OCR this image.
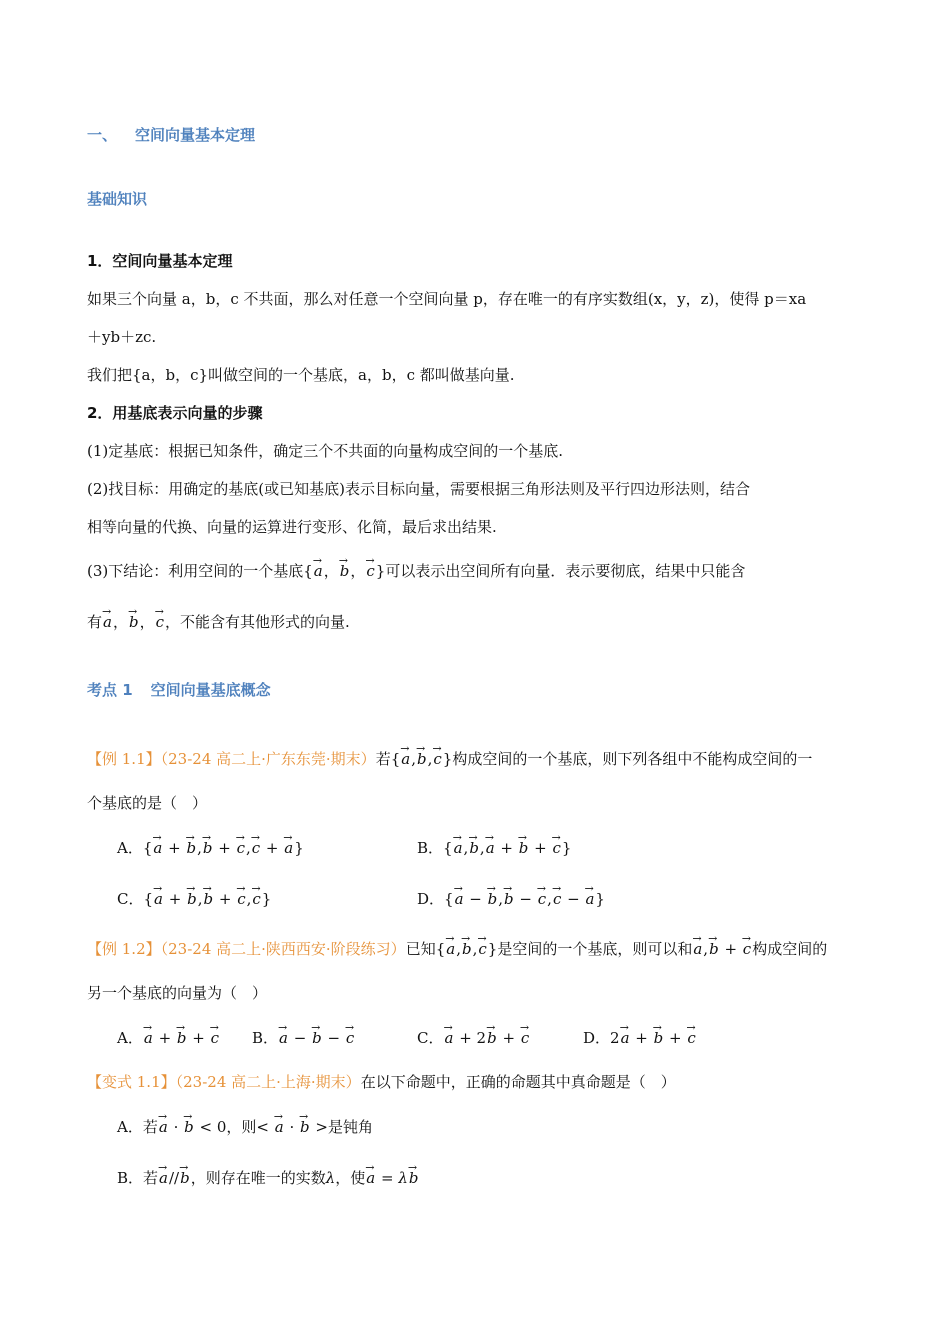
一、 空间向量基本定理
基础知识
1．空间向量基本定理
如果三个向量 a，b，c 不共面，那么对任意一个空间向量 p，存在唯一的有序实数组(x，y，z)，使得 p＝xa
＋yb＋zc.
我们把{a，b，c}叫做空间的一个基底，a，b，c 都叫做基向量.
2．用基底表示向量的步骤
(1)定基底：根据已知条件，确定三个不共面的向量构成空间的一个基底.
(2)找目标：用确定的基底(或已知基底)表示目标向量，需要根据三角形法则及平行四边形法则，结合
相等向量的代换、向量的运算进行变形、化简，最后求出结果.
(3)下结论：利用空间的一个基底{→ a，→ b，→ c}可以表示出空间所有向量．表示要彻底，结果中只能含
有→ a，→ b，→ c，不能含有其他形式的向量.
考点 1 空间向量基底概念
【例 1.1】（23-24 高二上·广东东莞·期末）若{→ a,→ b,→ c}构成空间的一个基底，则下列各组中不能构成空间的一
个基底的是（　）
A．{→ a + → b,→ b + → c,→ c + → a}	B．{→ a,→ b,→ a + → b + → c}
C．{→ a + → b,→ b + → c,→ c}	D．{→ a − → b,→ b − → c,→ c − → a}
【例 1.2】（23-24 高二上·陕西西安·阶段练习）已知{→ a,→ b,→ c}是空间的一个基底，则可以和→ a,→ b + → c构成空间的
另一个基底的向量为（　）
A．→ a + → b + → c B．→ a − → b − → c	C．→ a + 2→ b + → c	D．2→ a + → b + → c
【变式 1.1】（23-24 高二上·上海·期末）在以下命题中，正确的命题其中真命题是（　）
A．若→ a · → b < 0，则< → a · → b >是钝角
B．若→ a//→ b，则存在唯一的实数λ，使→ a = λ→ b
